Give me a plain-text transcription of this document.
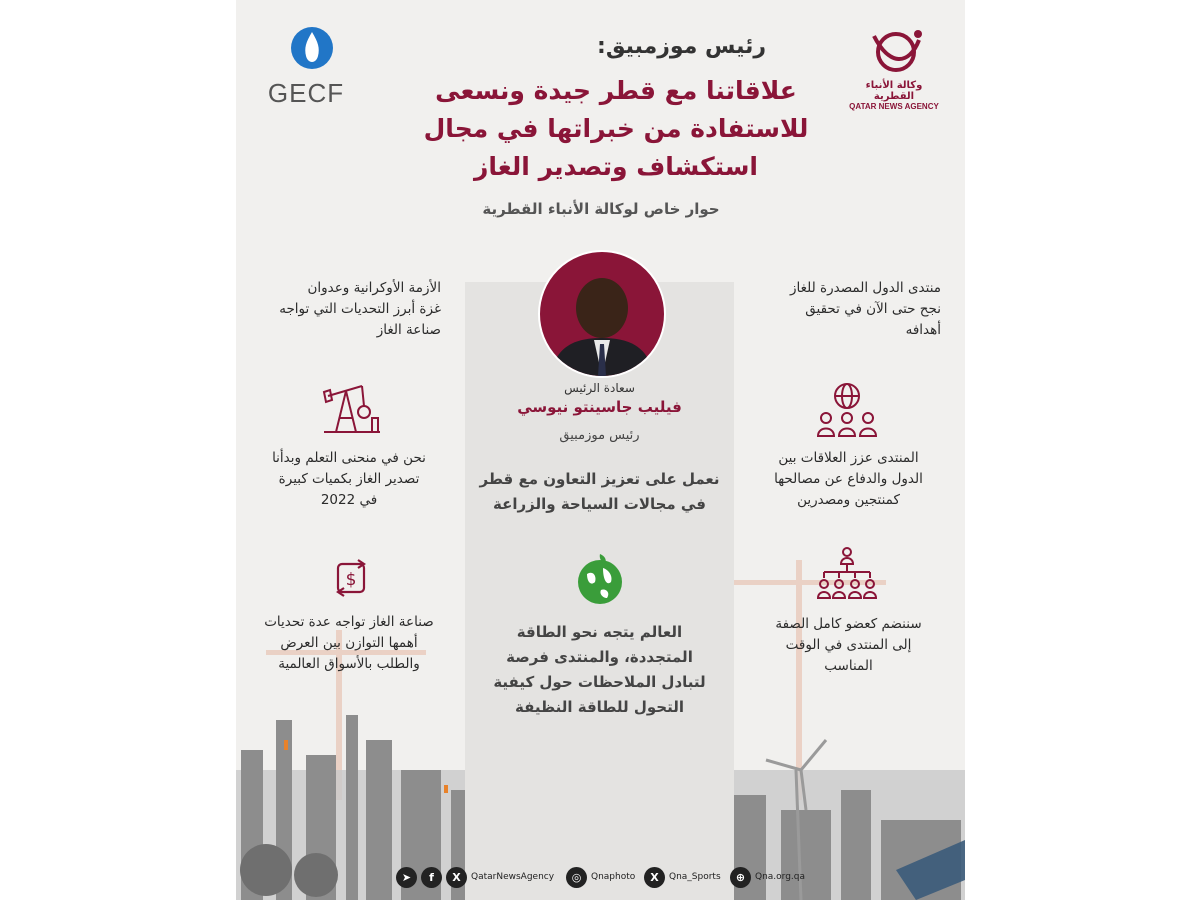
GECF	وكالة الأنباء القطرية
QATAR NEWS AGENCY
رئيس موزمبيق:
علاقاتنا مع قطر جيدة ونسعى
للاستفادة من خبراتها في مجال
استكشاف وتصدير الغاز
حوار خاص لوكالة الأنباء القطرية
سعادة الرئيس
فيليب جاسينتو نيوسي
رئيس موزمبيق
نعمل على تعزيز التعاون مع قطر
في مجالات السياحة والزراعة
العالم يتجه نحو الطاقة
المتجددة، والمنتدى فرصة
لتبادل الملاحظات حول كيفية
التحول للطاقة النظيفة
منتدى الدول المصدرة للغاز
نجح حتى الآن في تحقيق
أهدافه
المنتدى عزز العلاقات بين
الدول والدفاع عن مصالحها
كمنتجين ومصدرين
سننضم كعضو كامل الصفة
إلى المنتدى في الوقت
المناسب
الأزمة الأوكرانية وعدوان
غزة أبرز التحديات التي تواجه
صناعة الغاز
نحن في منحنى التعلم وبدأنا
تصدير الغاز بكميات كبيرة
في 2022
$
صناعة الغاز تواجه عدة تحديات
أهمها التوازن بين العرض
والطلب بالأسواق العالمية
➤	f	X	QatarNewsAgency	◎	Qnaphoto	X	Qna_Sports	⊕	Qna.org.qa
